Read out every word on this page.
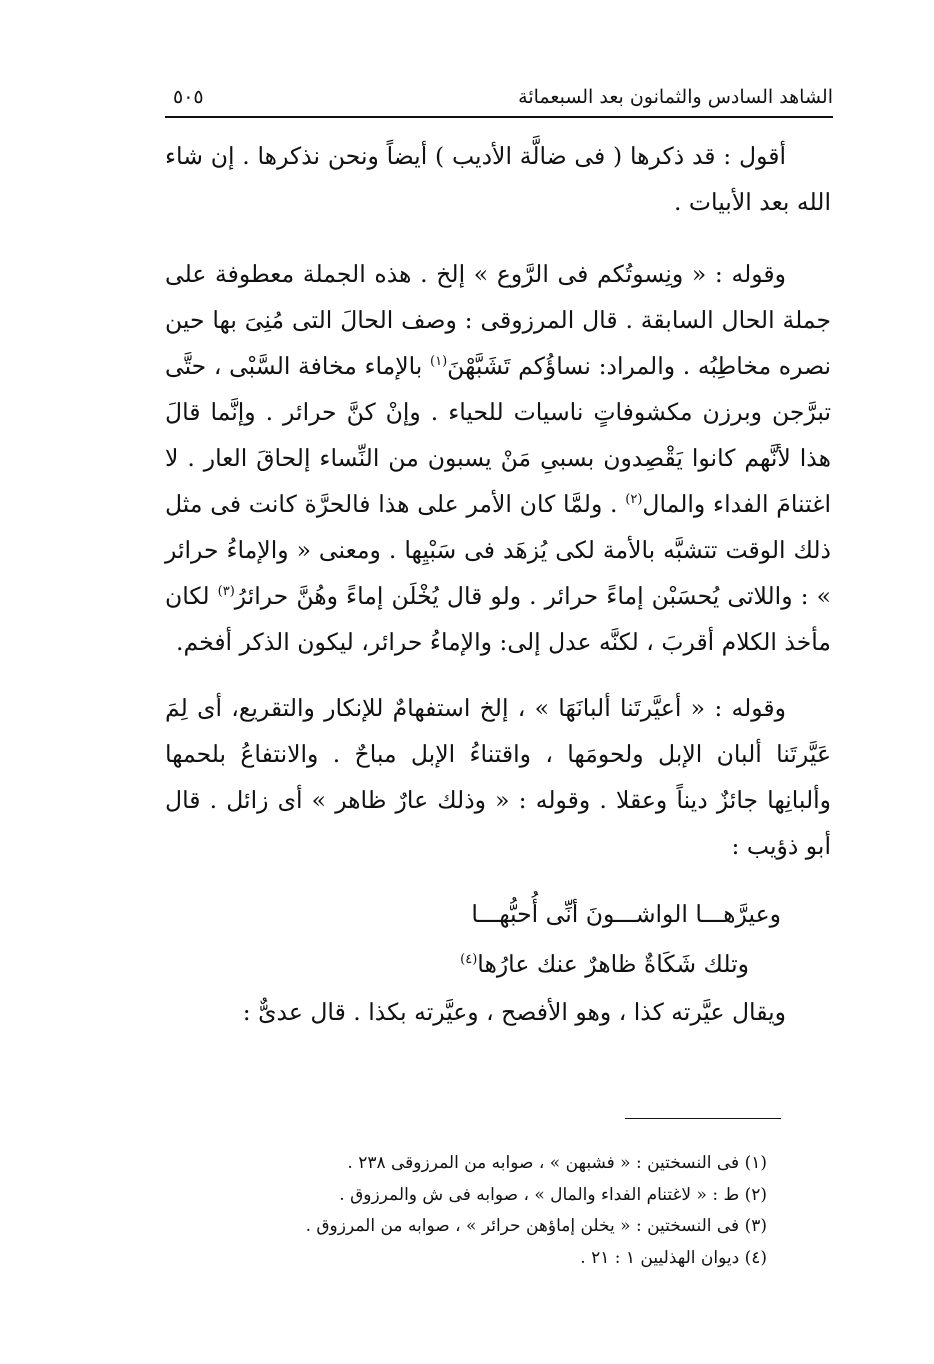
الشاهد السادس والثمانون بعد السبعمائة
٥٠٥

أقول : قد ذكرها ( فى ضالَّة الأديب ) أيضاً ونحن نذكرها . إن شاء الله بعد الأبيات .

وقوله : « ونِسوتُكم فى الرَّوع » إلخ . هذه الجملة معطوفة على جملة الحال السابقة . قال المرزوقى : وصف الحالَ التى مُنِىَ بها حين نصره مخاطِبُه . والمراد: نساؤُكم تَشَبَّهْنَ$^{(١)}$ بالإماء مخافة السَّبْى ، حتَّى تبرَّجن وبرزن مكشوفاتٍ ناسيات للحياء . وإنْ كنَّ حرائر . وإنَّما قالَ هذا لأنَّهم كانوا يَقْصِدون بسبىِ مَنْ يسبون من النِّساء إلحاقَ العار . لا اغتنامَ الفداء والمال$^{(٢)}$ . ولمَّا كان الأمر على هذا فالحرَّة كانت فى مثل ذلك الوقت تتشبَّه بالأمة لكى يُزهَد فى سَبْيِها . ومعنى « والإماءُ حرائر » : واللاتى يُحسَبْن إماءً حرائر . ولو قال يُخْلَن إماءً وهُنَّ حرائرُ$^{(٣)}$ لكان مأخذ الكلام أقربَ ، لكنَّه عدل إلى: والإماءُ حرائر، ليكون الذكر أفخم.

وقوله : « أعيَّرتَنا ألبانَهَا » ، إلخ استفهامٌ للإنكار والتقريع، أى لِمَ عَيَّرتَنا ألبان الإبل ولحومَها ، واقتناءُ الإبل مباحٌ . والانتفاعُ بلحمها وألبانِها جائزٌ ديناً وعقلا . وقوله : « وذلك عارٌ ظاهر » أى زائل . قال أبو ذؤيب :

وعيرَّهـــا الواشـــونَ أنِّى أُحبُّهـــا
وتلك شَكَاةٌ ظاهرٌ عنك عارُها$^{(٤)}$

ويقال عيَّرته كذا ، وهو الأفصح ، وعيَّرته بكذا . قال عدىٌّ :

(١) فى النسختين : « فشبهن » ، صوابه من المرزوقى ٢٣٨ .
(٢) ط : « لاغتنام الفداء والمال » ، صوابه فى ش والمرزوق .
(٣) فى النسختين : « يخلن إماؤهن حرائر » ، صوابه من المرزوق .
(٤) ديوان الهذليين ١ : ٢١ .
